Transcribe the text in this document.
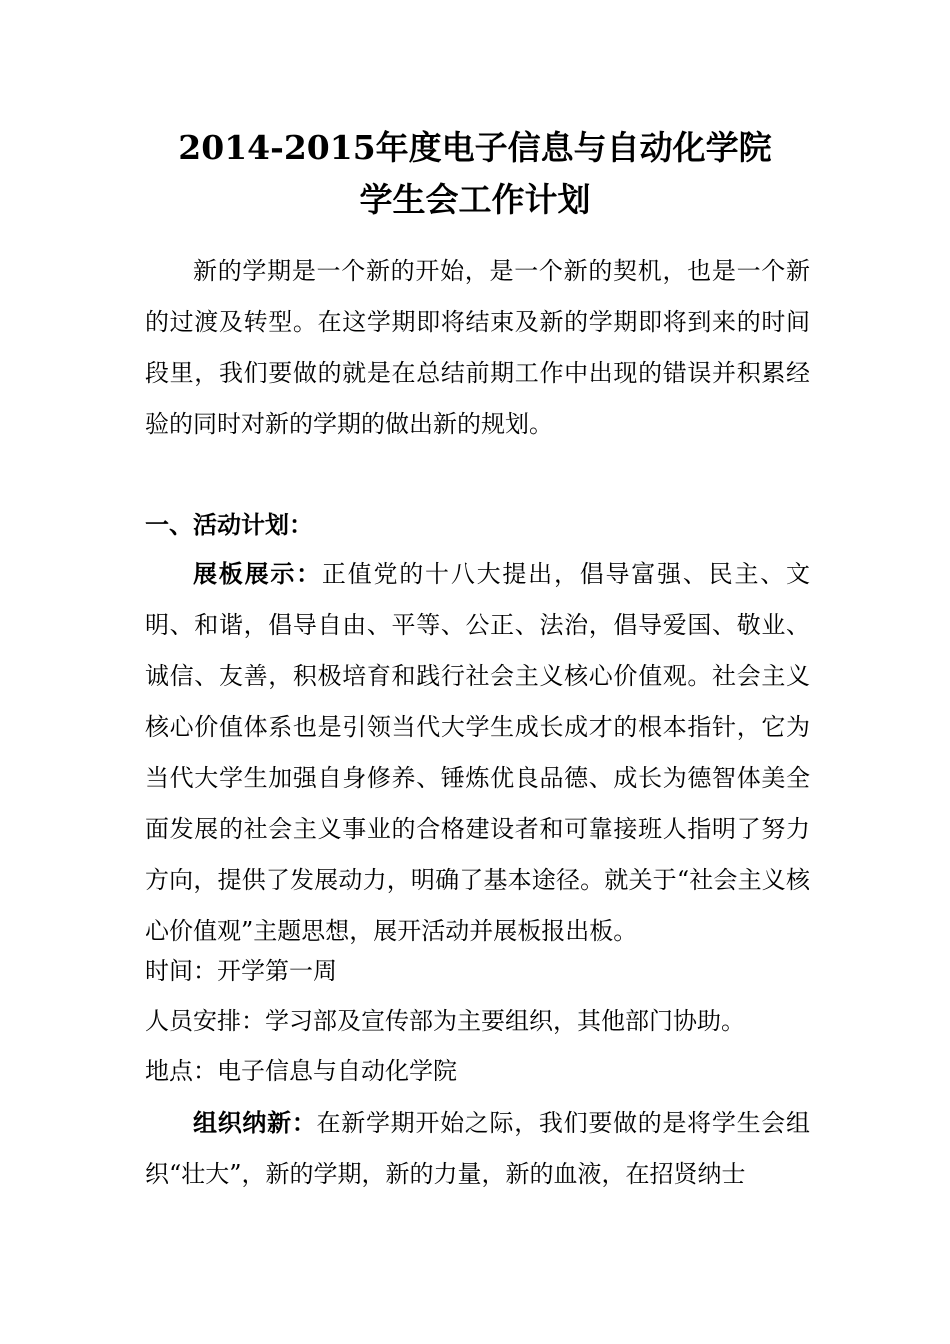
2014-2015年度电子信息与自动化学院
学生会工作计划
新的学期是一个新的开始，是一个新的契机，也是一个新的过渡及转型。在这学期即将结束及新的学期即将到来的时间段里，我们要做的就是在总结前期工作中出现的错误并积累经验的同时对新的学期的做出新的规划。
一、活动计划：
展板展示：正值党的十八大提出，倡导富强、民主、文明、和谐，倡导自由、平等、公正、法治，倡导爱国、敬业、诚信、友善，积极培育和践行社会主义核心价值观。社会主义核心价值体系也是引领当代大学生成长成才的根本指针，它为当代大学生加强自身修养、锤炼优良品德、成长为德智体美全面发展的社会主义事业的合格建设者和可靠接班人指明了努力方向，提供了发展动力，明确了基本途径。就关于“社会主义核心价值观”主题思想，展开活动并展板报出板。
时间：开学第一周
人员安排：学习部及宣传部为主要组织，其他部门协助。
地点：电子信息与自动化学院
组织纳新：在新学期开始之际，我们要做的是将学生会组织“壮大”，新的学期，新的力量，新的血液，在招贤纳士
